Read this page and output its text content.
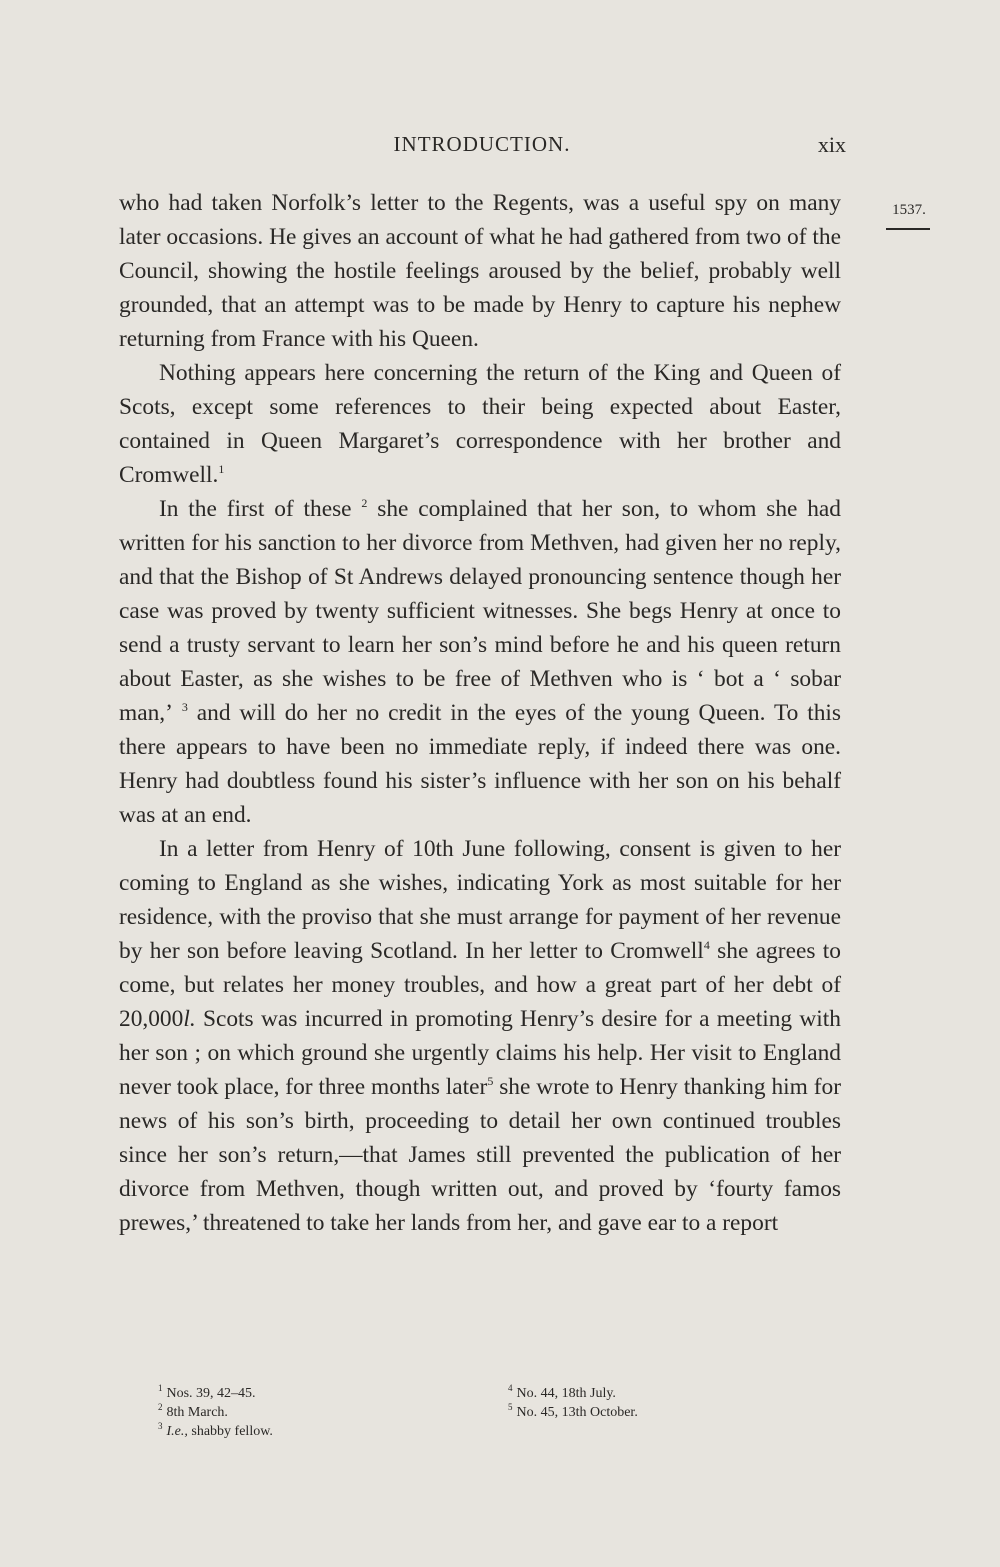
INTRODUCTION.	xix
1537.

who had taken Norfolk’s letter to the Regents, was a useful spy on many later occasions. He gives an account of what he had gathered from two of the Council, showing the hostile feelings aroused by the belief, probably well grounded, that an attempt was to be made by Henry to capture his nephew returning from France with his Queen.

Nothing appears here concerning the return of the King and Queen of Scots, except some references to their being expected about Easter, contained in Queen Margaret’s correspondence with her brother and Cromwell.$^1$

In the first of these $^2$ she complained that her son, to whom she had written for his sanction to her divorce from Methven, had given her no reply, and that the Bishop of St Andrews delayed pronouncing sentence though her case was proved by twenty sufficient witnesses. She begs Henry at once to send a trusty servant to learn her son’s mind before he and his queen return about Easter, as she wishes to be free of Methven who is ‘ bot a ‘ sobar man,’ $^3$ and will do her no credit in the eyes of the young Queen. To this there appears to have been no immediate reply, if indeed there was one. Henry had doubtless found his sister’s influence with her son on his behalf was at an end.

In a letter from Henry of 10th June following, consent is given to her coming to England as she wishes, indicating York as most suitable for her residence, with the proviso that she must arrange for payment of her revenue by her son before leaving Scotland. In her letter to Cromwell$^4$ she agrees to come, but relates her money troubles, and how a great part of her debt of 20,000l. Scots was incurred in promoting Henry’s desire for a meeting with her son ; on which ground she urgently claims his help. Her visit to England never took place, for three months later$^5$ she wrote to Henry thanking him for news of his son’s birth, proceeding to detail her own continued troubles since her son’s return,—that James still prevented the publication of her divorce from Methven, though written out, and proved by ‘fourty famos prewes,’ threatened to take her lands from her, and gave ear to a report

$^1$ Nos. 39, 42–45.
$^2$ 8th March.
$^3$ I.e., shabby fellow.
$^4$ No. 44, 18th July.
$^5$ No. 45, 13th October.
